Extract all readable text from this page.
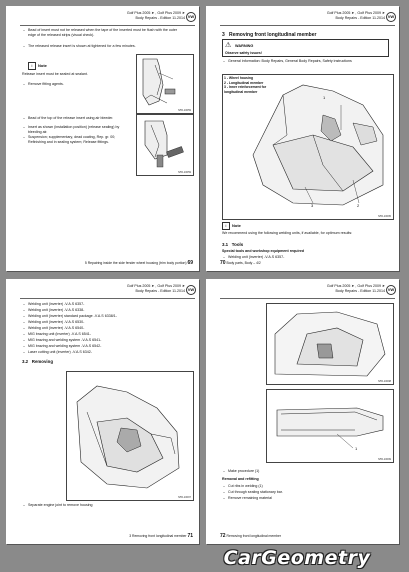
Golf Plus 2005 ➤ , Golf Plus 2009 ➤
Body Repairs - Edition 11.2014 VW
– Bead of insert must not be released when the tape of the inserted must be flush with the outer edge of the released strips (visual check).
– The released release insert is shown at tightened for a few minutes.
N55-10059
i	Note
Release insert must be sealed at sealant.
– Remove fitting agents.
– Bead of the top of the release insert using air bleeder.
– Insert as shown (installation position) (release sealing) by bleeding air.
– Suspension; supplementary, dead coating, Rep. gr. 00; Refinishing and in sealing system; Release fittings.
N55-10059
5 Repairing inside the side fender wheel housing (trim body portion) 69
Golf Plus 2005 ➤ , Golf Plus 2009 ➤
Body Repairs - Edition 11.2014 VW
3 Removing front longitudinal member
⚠ WARNING
Observe safety issues!
– General information: Body Repairs, General Body Repairs, Safety instructions
1
2
3
N55-10095
1 - Wheel housing
2 - Longitudinal member
3 - Inner reinforcement for longitudinal member
i	Note
We recommend using the following welding units, if available, for optimum results:
3.1 Tools
Special tools and workshop equipment required
– Welding unit (inverter) -V.A.S 6357-
70 Body parts, Body – 4/2
Golf Plus 2005 ➤ , Golf Plus 2009 ➤
Body Repairs - Edition 11.2014 VW
– Welding unit (inverter) -V.A.S 6357-
– Welding unit (inverter) -V.A.S 6338-
– Welding unit (inverter) standard package -V.A.S 6338/1-
– Welding unit (inverter) -V.A.S 6530-
– Welding unit (inverter) -V.A.S 6540-
– MIG brazing unit (inverter) -V.A.S 6541-
– MIG brazing and welding system -V.A.S 6541-
– MIG brazing and welding system -V.A.S 6542-
– Laser cutting unit (inverter) -V.A.S 6342-
3.2 Removing
N55-10097
– Separate engine joint to remove housing
3 Removing front longitudinal member 71
Golf Plus 2005 ➤ , Golf Plus 2009 ➤
Body Repairs - Edition 11.2014 VW
N55-10098
1
N55-10099
– Make procedure (1)
Removal and refitting
– Cut ribs in welding (1)
– Cut through sealing stationary bar.
– Remove remaining material
72 Removing front longitudinal member
CarGeometry
